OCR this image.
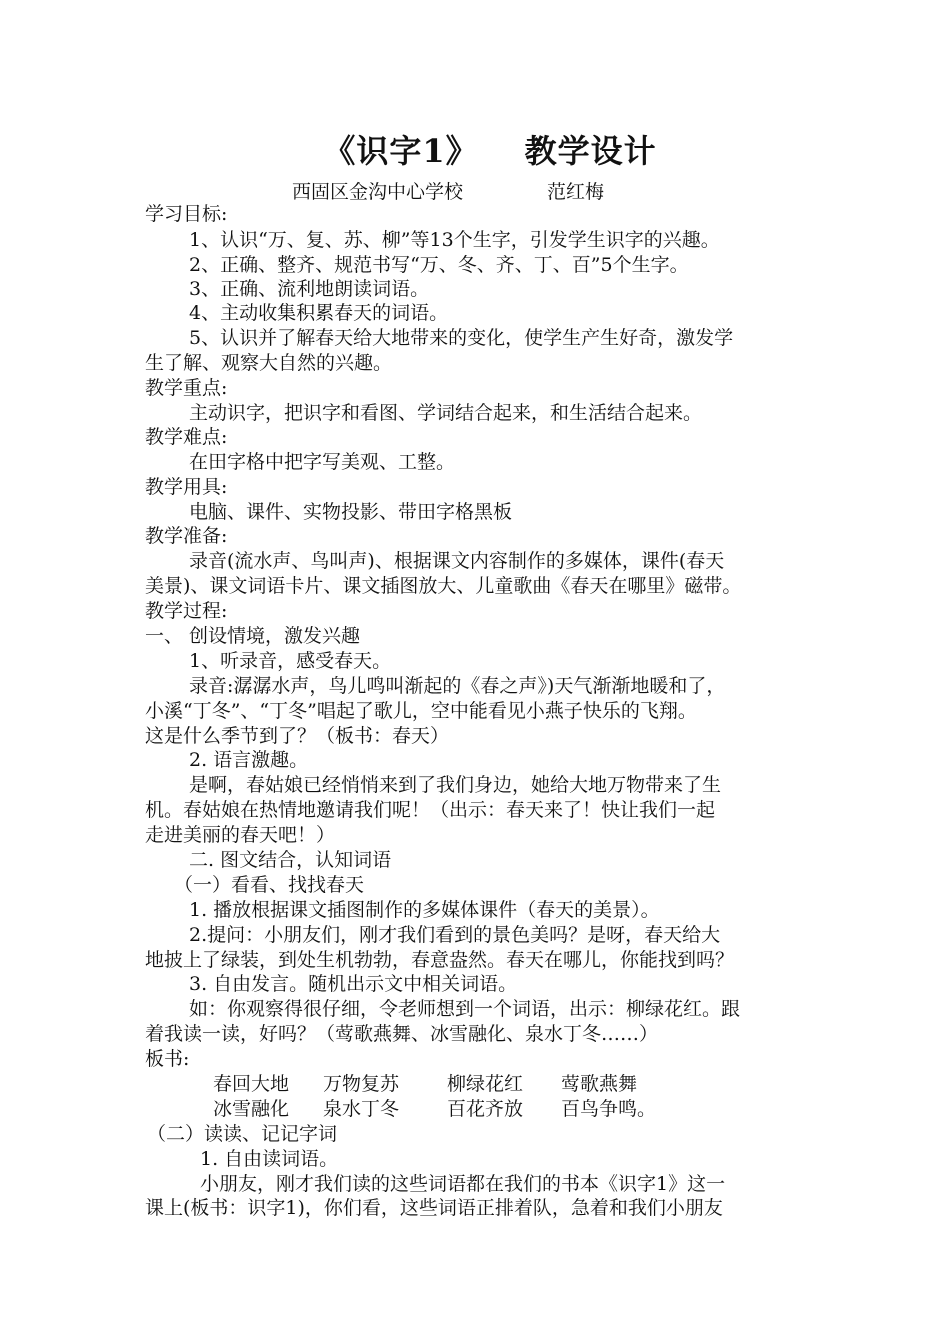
《识字1》 教学设计
西固区金沟中心学校	范红梅
学习目标:
1、认识“万、复、苏、柳”等13个生字，引发学生识字的兴趣。
2、正确、整齐、规范书写“万、冬、齐、丁、百”5个生字。
3、正确、流利地朗读词语。
4、主动收集积累春天的词语。
5、认识并了解春天给大地带来的变化，使学生产生好奇，激发学
生了解、观察大自然的兴趣。
教学重点:
主动识字，把识字和看图、学词结合起来，和生活结合起来。
教学难点:
在田字格中把字写美观、工整。
教学用具:
电脑、课件、实物投影、带田字格黑板
教学准备:
录音(流水声、鸟叫声)、根据课文内容制作的多媒体，课件(春天
美景)、课文词语卡片、课文插图放大、儿童歌曲《春天在哪里》磁带。
教学过程:
一、 创设情境，激发兴趣
1、听录音，感受春天。
录音:潺潺水声，鸟儿鸣叫渐起的《春之声》)天气渐渐地暖和了，
小溪“丁冬”、“丁冬”唱起了歌儿，空中能看见小燕子快乐的飞翔。
这是什么季节到了？（板书：春天）
2. 语言激趣。
是啊，春姑娘已经悄悄来到了我们身边，她给大地万物带来了生
机。春姑娘在热情地邀请我们呢！（出示：春天来了！快让我们一起
走进美丽的春天吧！）
二. 图文结合，认知词语
（一）看看、找找春天
1. 播放根据课文插图制作的多媒体课件（春天的美景）。
2.提问：小朋友们，刚才我们看到的景色美吗？是呀，春天给大
地披上了绿装，到处生机勃勃，春意盎然。春天在哪儿，你能找到吗？
3. 自由发言。随机出示文中相关词语。
如：你观察得很仔细，令老师想到一个词语，出示：柳绿花红。跟
着我读一读，好吗？（莺歌燕舞、冰雪融化、泉水丁冬……）
板书:
春回大地 万物复苏	柳绿花红 莺歌燕舞
冰雪融化 泉水丁冬	百花齐放 百鸟争鸣。
（二）读读、记记字词
1. 自由读词语。
小朋友，刚才我们读的这些词语都在我们的书本《识字1》这一
课上(板书：识字1)，你们看，这些词语正排着队，急着和我们小朋友
